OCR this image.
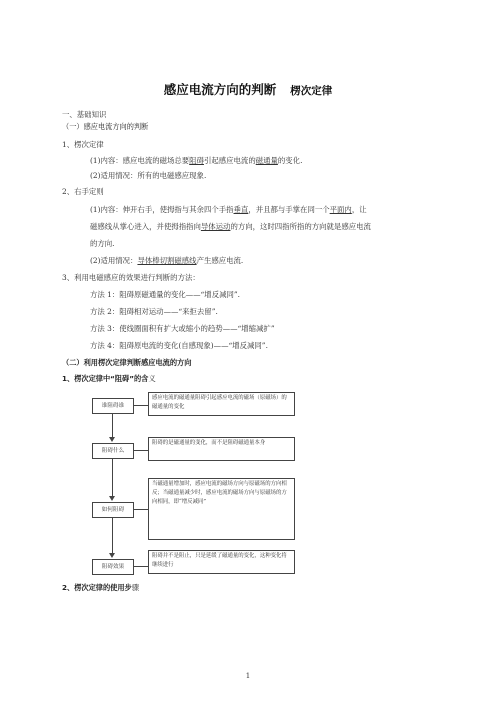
感应电流方向的判断 楞次定律
一、基础知识
（一）感应电流方向的判断
1、楞次定律
(1)内容：感应电流的磁场总要阻碍引起感应电流的磁通量的变化.
(2)适用情况：所有的电磁感应现象.
2、右手定则
(1)内容：伸开右手，使拇指与其余四个手指垂直，并且都与手掌在同一个平面内，让
磁感线从掌心进入，并使拇指指向导体运动的方向，这时四指所指的方向就是感应电流
的方向.
(2)适用情况：导体棒切割磁感线产生感应电流.
3、利用电磁感应的效果进行判断的方法：
方法 1：阻碍原磁通量的变化——“增反减同”.
方法 2：阻碍相对运动——“来拒去留”.
方法 3：使线圈面积有扩大或缩小的趋势——“增缩减扩”
方法 4：阻碍原电流的变化(自感现象)——“增反减同”.
（二）利用楞次定律判断感应电流的方向
1、楞次定律中“阻碍”的含义
谁阻碍谁
感应电流的磁通量阻碍引起感应电流的磁场（原磁场）的磁通量的变化
阻碍什么
阻碍的是磁通量的变化，而不是阻碍磁通量本身
如何阻碍
当磁通量增加时，感应电流的磁场方向与原磁场的方向相反；当磁通量减少时，感应电流的磁场方向与原磁场的方向相同，即“增反减同”
阻碍效果
阻碍并不是阻止，只是延缓了磁通量的变化，这种变化将继续进行
2、楞次定律的使用步骤
1
